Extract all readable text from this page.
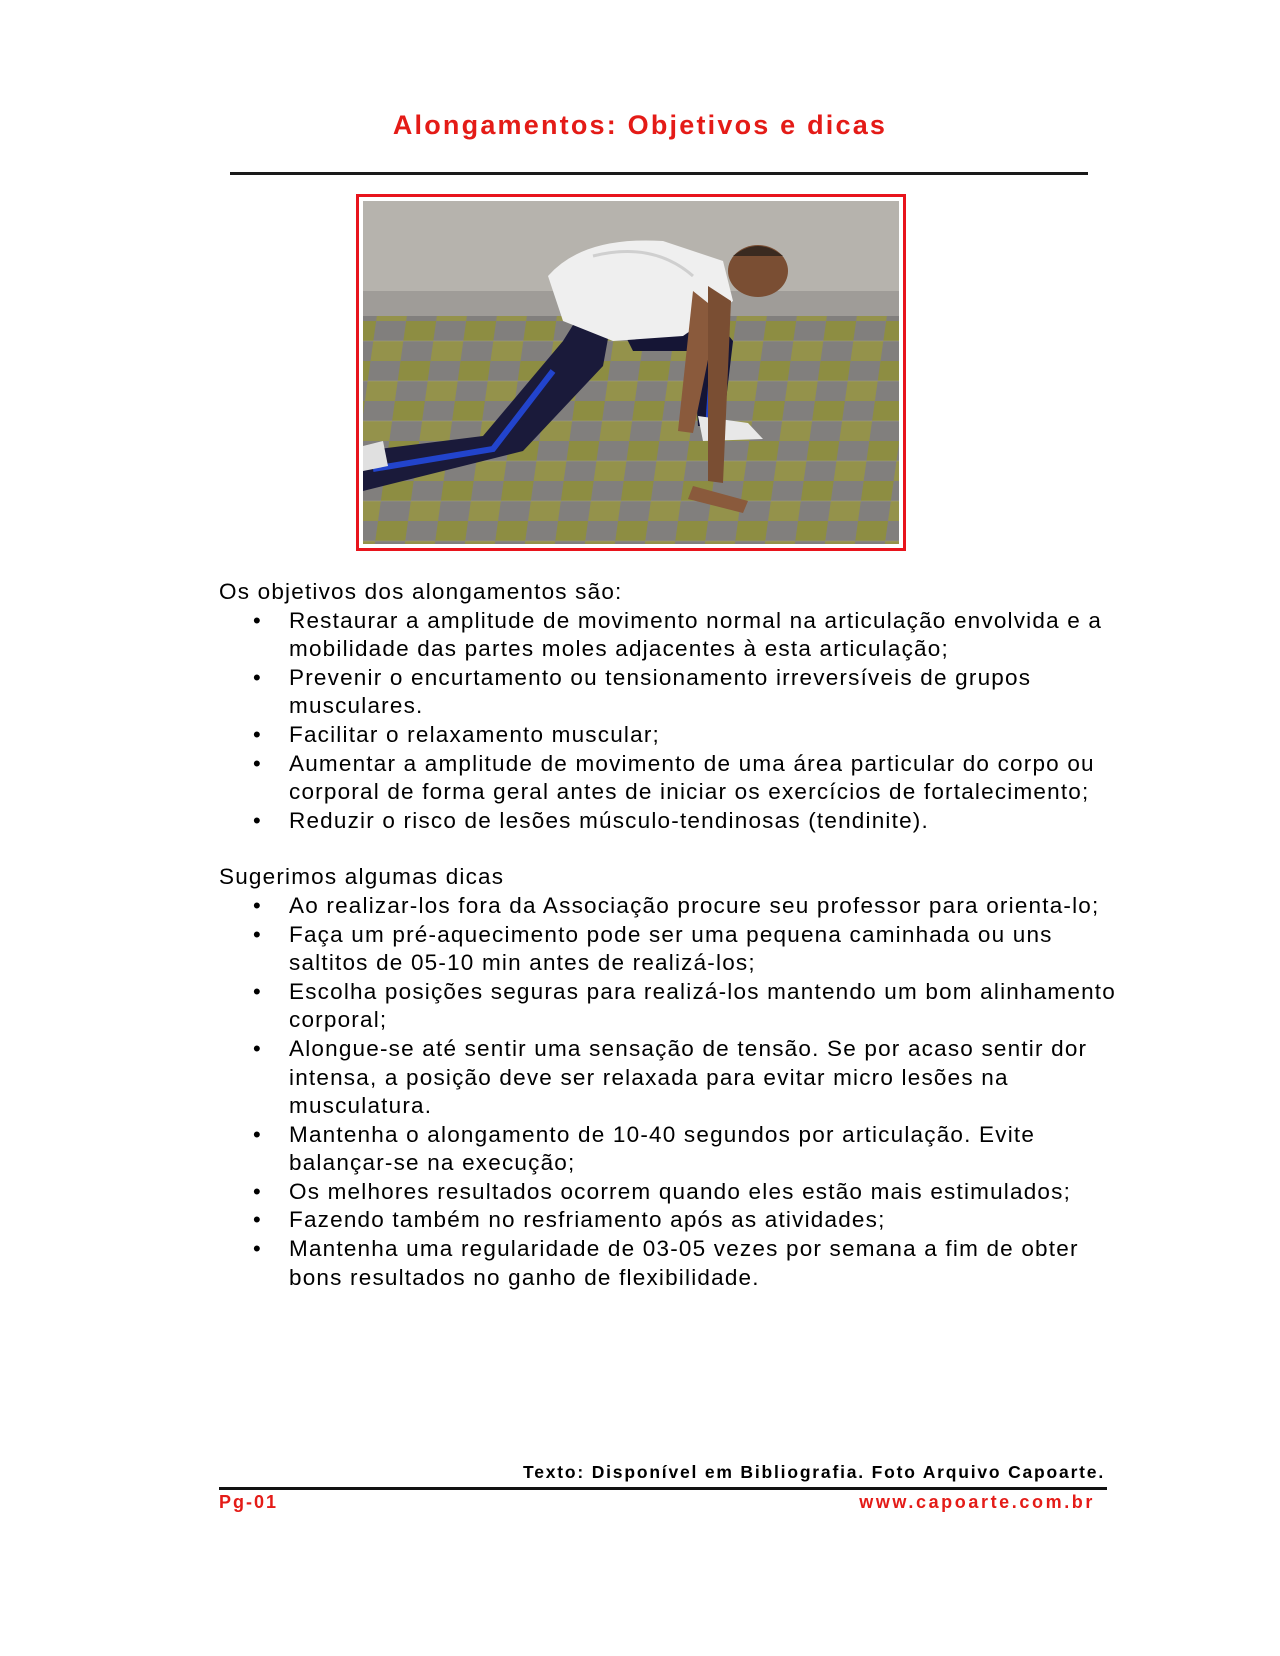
Alongamentos: Objetivos e dicas

Os objetivos dos alongamentos são:

• Restaurar a amplitude de movimento normal na articulação envolvida e a mobilidade das partes moles adjacentes à esta articulação;
• Prevenir o encurtamento ou tensionamento irreversíveis de grupos musculares.
• Facilitar o relaxamento muscular;
• Aumentar a amplitude de movimento de uma área particular do corpo ou corporal de forma geral antes de iniciar os exercícios de fortalecimento;
• Reduzir o risco de lesões músculo-tendinosas (tendinite).

Sugerimos algumas dicas

• Ao realizar-los fora da Associação procure seu professor para orienta-lo;
• Faça um pré-aquecimento pode ser uma pequena caminhada ou uns saltitos de 05-10 min antes de realizá-los;
• Escolha posições seguras para realizá-los mantendo um bom alinhamento corporal;
• Alongue-se até sentir uma sensação de tensão. Se por acaso sentir dor intensa, a posição deve ser relaxada para evitar micro lesões na musculatura.
• Mantenha o alongamento de 10-40 segundos por articulação. Evite balançar-se na execução;
• Os melhores resultados ocorrem quando eles estão mais estimulados;
• Fazendo também no resfriamento após as atividades;
• Mantenha uma regularidade de 03-05 vezes por semana a fim de obter bons resultados no ganho de flexibilidade.
Texto: Disponível em Bibliografia. Foto Arquivo Capoarte.
Pg-01	www.capoarte.com.br
